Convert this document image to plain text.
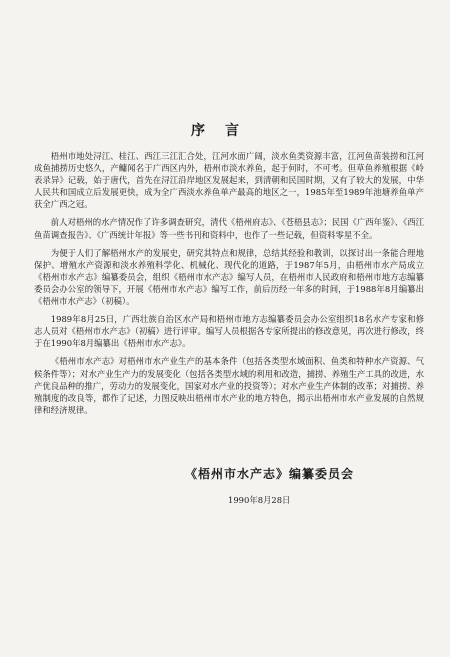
序言

梧州市地处浔江、桂江、西江三江汇合处，江河水面广阔，淡水鱼类资源丰富，江河鱼苗装捞和江河成鱼捕捞历史悠久，产鳙闻名于广西区内外，梧州市淡水养鱼，起于何时，不可考。但草鱼养殖根据《岭表录异》记载，始于唐代，首先在浔江沿岸地区发展起来，到清朝和民国时期，又有了较大的发展，中华人民共和国成立后发展更快，成为全广西淡水养鱼单产最高的地区之一，1985年至1989年池塘养鱼单产获全广西之冠。

前人对梧州的水产情况作了许多调查研究，清代《梧州府志》、《苍梧县志》；民国《广西年鉴》、《西江鱼苗调查报告》、《广西统计年报》等一些书刊和资料中，也作了一些记载，但资料零星不全。

为便于人们了解梧州水产的发展史，研究其特点和规律，总结其经验和教训，以探讨出一条能合理地保护、增殖水产资源和淡水养殖科学化、机械化、现代化的道路，于1987年5月，由梧州市水产局成立《梧州市水产志》编纂委员会，组织《梧州市水产志》编写人员，在梧州市人民政府和梧州市地方志编纂委员会办公室的领导下，开展《梧州市水产志》编写工作，前后历经一年多的时间，于1988年8月编纂出《梧州市水产志》（初稿）。

1989年8月25日，广西壮族自治区水产局和梧州市地方志编纂委员会办公室组织18名水产专家和修志人员对《梧州市水产志》（初稿）进行评审。编写人员根据各专家所提出的修改意见，再次进行修改，终于在1990年8月编纂出《梧州市水产志》。

《梧州市水产志》对梧州市水产业生产的基本条件（包括各类型水域面积、鱼类和特种水产资源、气候条件等）；对水产业生产力的发展变化（包括各类型水域的利用和改造，捕捞、养殖生产工具的改进，水产优良品种的推广，劳动力的发展变化，国家对水产业的投资等）；对水产业生产体制的改革；对捕捞、养殖制度的改良等，都作了记述，力图反映出梧州市水产业的地方特色，揭示出梧州市水产业发展的自然规律和经济规律。

《梧州市水产志》编纂委员会
1990年8月28日
